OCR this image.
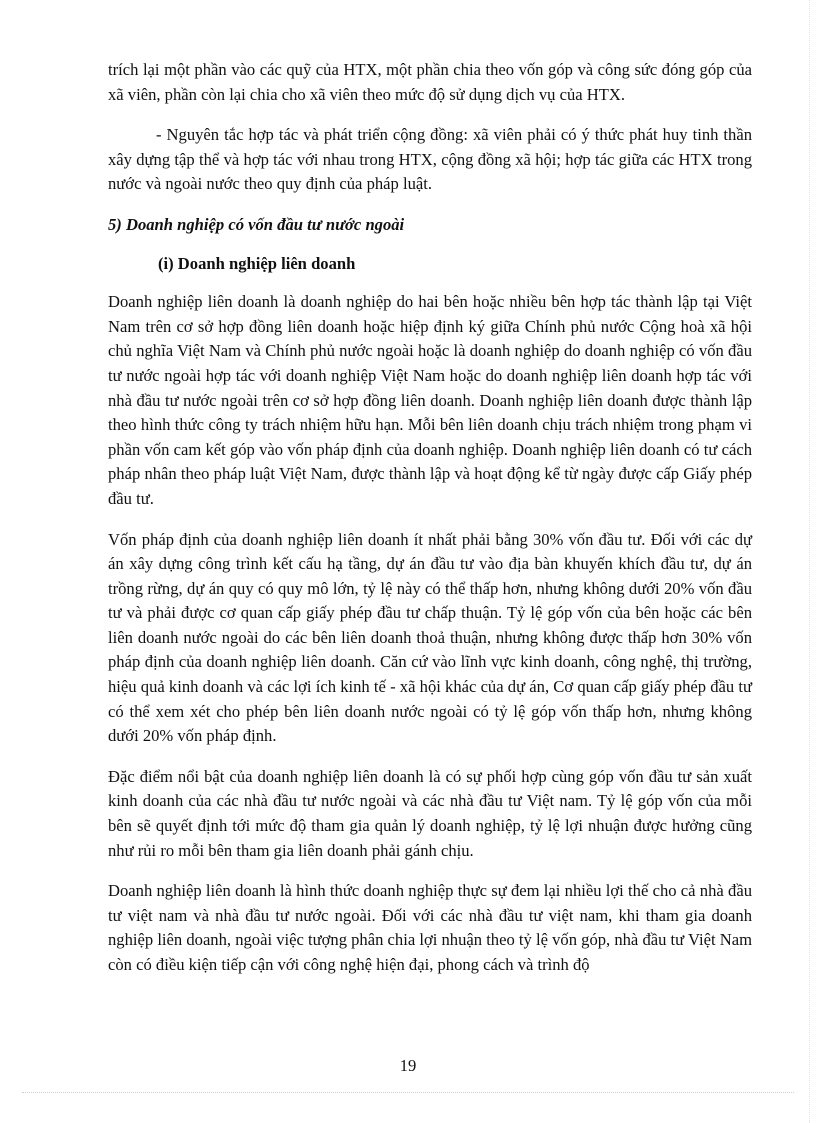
trích lại một phần vào các quỹ của HTX, một phần chia theo vốn góp và công sức đóng góp của xã viên, phần còn lại chia cho xã viên theo mức độ sử dụng dịch vụ của HTX.

- Nguyên tắc hợp tác và phát triển cộng đồng: xã viên phải có ý thức phát huy tinh thần xây dựng tập thể và hợp tác với nhau trong HTX, cộng đồng xã hội; hợp tác giữa các HTX trong nước và ngoài nước theo quy định của pháp luật.

5) Doanh nghiệp có vốn đầu tư nước ngoài

(i) Doanh nghiệp liên doanh

Doanh nghiệp liên doanh là doanh nghiệp do hai bên hoặc nhiều bên hợp tác thành lập tại Việt Nam trên cơ sở hợp đồng liên doanh hoặc hiệp định ký giữa Chính phủ nước Cộng hoà xã hội chủ nghĩa Việt Nam và Chính phủ nước ngoài hoặc là doanh nghiệp do doanh nghiệp có vốn đầu tư nước ngoài hợp tác với doanh nghiệp Việt Nam hoặc do doanh nghiệp liên doanh hợp tác với nhà đầu tư nước ngoài trên cơ sở hợp đồng liên doanh. Doanh nghiệp liên doanh được thành lập theo hình thức công ty trách nhiệm hữu hạn. Mỗi bên liên doanh chịu trách nhiệm trong phạm vi phần vốn cam kết góp vào vốn pháp định của doanh nghiệp. Doanh nghiệp liên doanh có tư cách pháp nhân theo pháp luật Việt Nam, được thành lập và hoạt động kể từ ngày được cấp Giấy phép đầu tư.

Vốn pháp định của doanh nghiệp liên doanh ít nhất phải bằng 30% vốn đầu tư. Đối với các dự án xây dựng công trình kết cấu hạ tầng, dự án đầu tư vào địa bàn khuyến khích đầu tư, dự án trồng rừng, dự án quy có quy mô lớn, tỷ lệ này có thể thấp hơn, nhưng không dưới 20% vốn đầu tư và phải được cơ quan cấp giấy phép đầu tư chấp thuận. Tỷ lệ góp vốn của bên hoặc các bên liên doanh nước ngoài do các bên liên doanh thoả thuận, nhưng không được thấp hơn 30% vốn pháp định của doanh nghiệp liên doanh. Căn cứ vào lĩnh vực kinh doanh, công nghệ, thị trường, hiệu quả kinh doanh và các lợi ích kinh tế - xã hội khác của dự án, Cơ quan cấp giấy phép đầu tư có thể xem xét cho phép bên liên doanh nước ngoài có tỷ lệ góp vốn thấp hơn, nhưng không dưới 20% vốn pháp định.

Đặc điểm nổi bật của doanh nghiệp liên doanh là có sự phối hợp cùng góp vốn đầu tư sản xuất kinh doanh của các nhà đầu tư nước ngoài và các nhà đầu tư Việt nam. Tỷ lệ góp vốn của mỗi bên sẽ quyết định tới mức độ tham gia quản lý doanh nghiệp, tỷ lệ lợi nhuận được hưởng cũng như rủi ro mỗi bên tham gia liên doanh phải gánh chịu.

Doanh nghiệp liên doanh là hình thức doanh nghiệp thực sự đem lại nhiều lợi thế cho cả nhà đầu tư việt nam và nhà đầu tư nước ngoài. Đối với các nhà đầu tư việt nam, khi tham gia doanh nghiệp liên doanh, ngoài việc tượng phân chia lợi nhuận theo tỷ lệ vốn góp, nhà đầu tư Việt Nam còn có điều kiện tiếp cận với công nghệ hiện đại, phong cách và trình độ

19
